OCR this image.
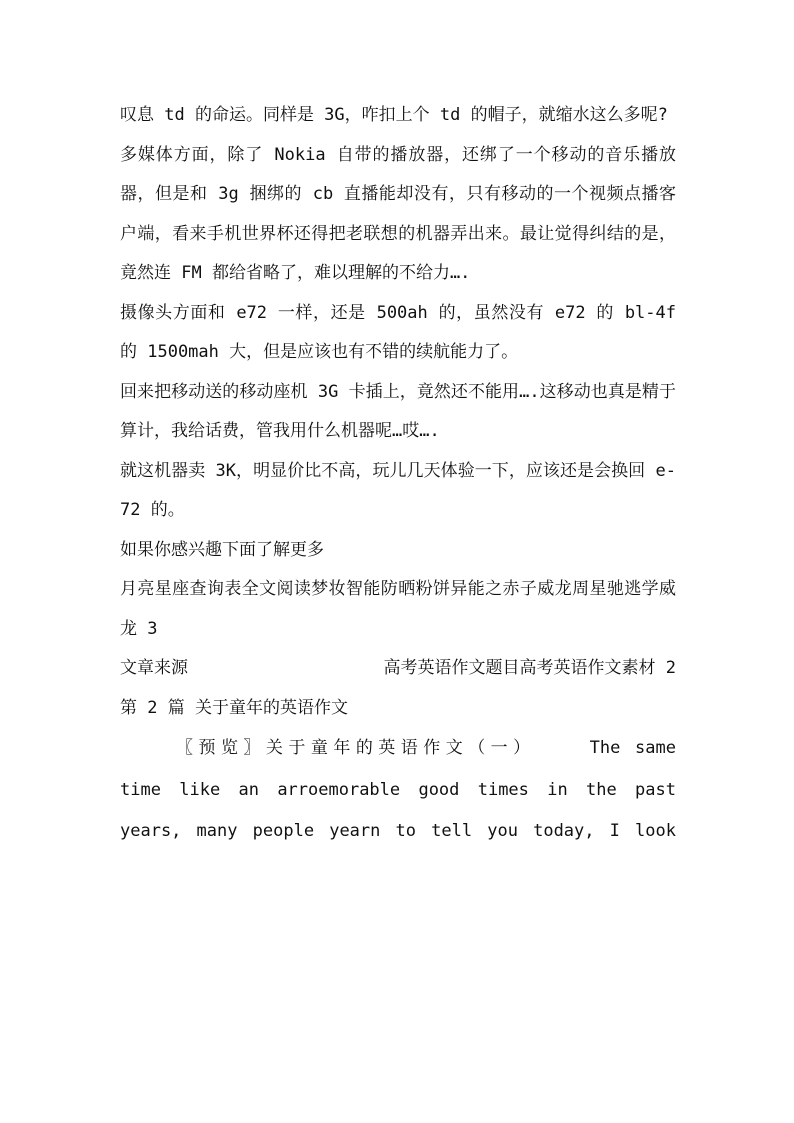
叹息 td 的命运。同样是 3G，咋扣上个 td 的帽子，就缩水这么多呢?

多媒体方面，除了 Nokia 自带的播放器，还绑了一个移动的音乐播放器，但是和 3g 捆绑的 cb 直播能却没有，只有移动的一个视频点播客户端，看来手机世界杯还得把老联想的机器弄出来。最让觉得纠结的是，竟然连 FM 都给省略了，难以理解的不给力….

摄像头方面和 e72 一样，还是 500ah 的，虽然没有 e72 的 bl-4f 的 1500mah 大，但是应该也有不错的续航能力了。

回来把移动送的移动座机 3G 卡插上，竟然还不能用….这移动也真是精于算计，我给话费，管我用什么机器呢…哎….

就这机器卖 3K，明显价比不高，玩儿几天体验一下，应该还是会换回 e-72 的。

如果你感兴趣下面了解更多

月亮星座查询表全文阅读梦妆智能防晒粉饼异能之赤子威龙周星驰逃学威龙 3

文章来源	高考英语作文题目高考英语作文素材 2

第 2 篇 关于童年的英语作文

〖预览〗关于童年的英语作文（一）	The same

time like an arroemorable good times in the past

years, many people yearn to tell you today, I look
